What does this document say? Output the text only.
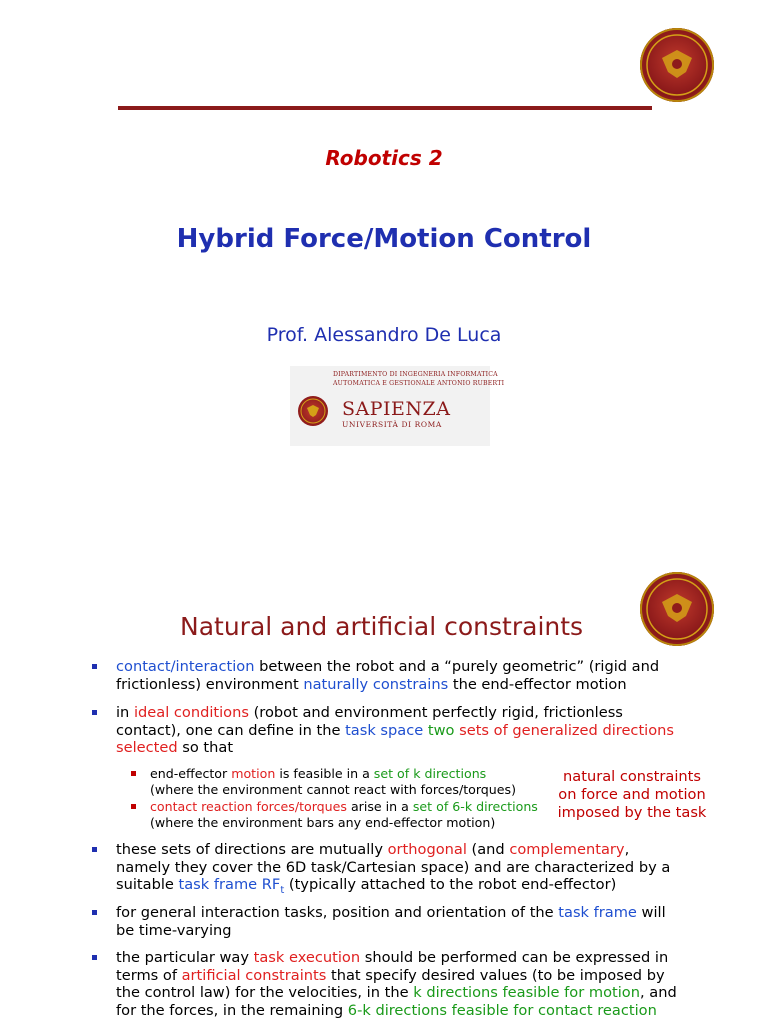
Robotics 2
Hybrid Force/Motion Control
Prof. Alessandro De Luca
DIPARTIMENTO DI INGEGNERIA INFORMATICA
AUTOMATICA E GESTIONALE ANTONIO RUBERTI
SAPIENZA
UNIVERSITÀ DI ROMA
Natural and artificial constraints
contact/interaction between the robot and a “purely geometric” (rigid and frictionless) environment naturally constrains the end-effector motion
in ideal conditions (robot and environment perfectly rigid, frictionless contact), one can define in the task space two sets of generalized directions selected so that
end-effector motion is feasible in a set of k directions
(where the environment cannot react with forces/torques)
contact reaction forces/torques arise in a set of 6-k directions
(where the environment bars any end-effector motion)
natural constraints
on force and motion
imposed by the task
these sets of directions are mutually orthogonal (and complementary, namely they cover the 6D task/Cartesian space) and are characterized by a suitable task frame $RF_t$ (typically attached to the robot end-effector)
for general interaction tasks, position and orientation of the task frame will be time-varying
the particular way task execution should be performed can be expressed in terms of artificial constraints that specify desired values (to be imposed by the control law) for the velocities, in the k directions feasible for motion, and for the forces, in the remaining 6-k directions feasible for contact reaction
